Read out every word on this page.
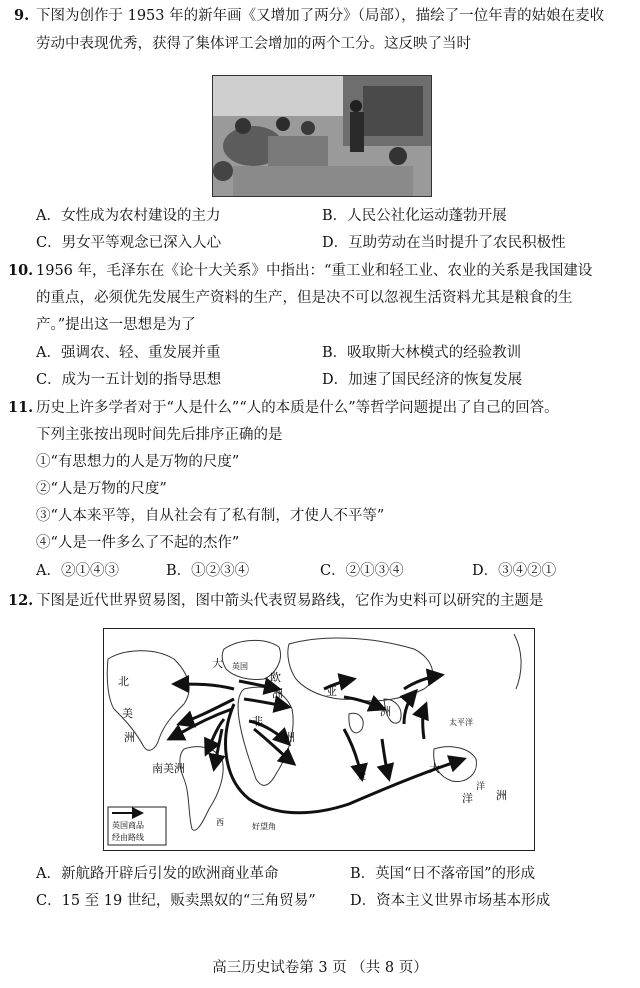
9. 下图为创作于 1953 年的新年画《又增加了两分》（局部），描绘了一位年青的姑娘在麦收
劳动中表现优秀，获得了集体评工会增加的两个工分。这反映了当时
A．女性成为农村建设的主力	B．人民公社化运动蓬勃开展
C．男女平等观念已深入人心	D．互助劳动在当时提升了农民积极性
10. 1956 年，毛泽东在《论十大关系》中指出：“重工业和轻工业、农业的关系是我国建设
的重点，必须优先发展生产资料的生产，但是决不可以忽视生活资料尤其是粮食的生
产。”提出这一思想是为了
A．强调农、轻、重发展并重	B．吸取斯大林模式的经验教训
C．成为一五计划的指导思想	D．加速了国民经济的恢复发展
11. 历史上许多学者对于“人是什么”“人的本质是什么”等哲学问题提出了自己的回答。
下列主张按出现时间先后排序正确的是
①“有思想力的人是万物的尺度”
②“人是万物的尺度”
③“人本来平等，自从社会有了私有制，才使人不平等”
④“人是一件多么了不起的杰作”
A．②①④③	B．①②③④	C．②①③④	D．③④②①
12. 下图是近代世界贸易图，图中箭头代表贸易路线，它作为史料可以研究的主题是
北
美
洲
大 英国
欧
洲	亚
洲
非
洲
南美洲
太平洋
大
洋 洲
洋
度
西	好望角
英国商品
经由路线
A．新航路开辟后引发的欧洲商业革命	B．英国“日不落帝国”的形成
C．15 至 19 世纪，贩卖黑奴的“三角贸易” D．资本主义世界市场基本形成
高三历史试卷第 3 页 （共 8 页）
